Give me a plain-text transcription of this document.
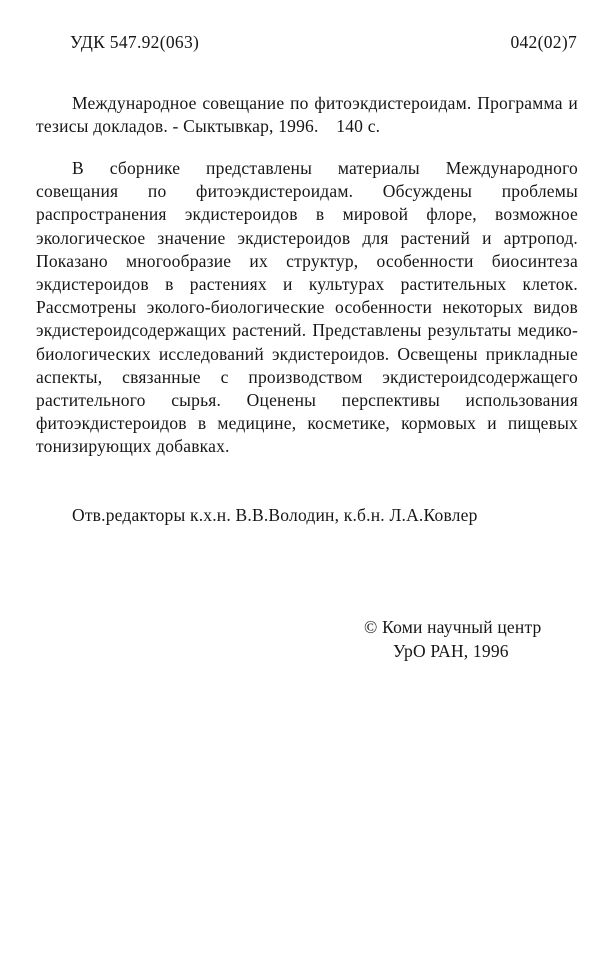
УДК 547.92(063)	042(02)7

Международное совещание по фитоэкдистероидам. Программа и тезисы докладов. - Сыктывкар, 1996. 140 с.

В сборнике представлены материалы Международного совещания по фитоэкдистероидам. Обсуждены проблемы распространения экдистероидов в мировой флоре, возможное экологическое значение экдистероидов для растений и артропод. Показано многообразие их структур, особенности биосинтеза экдистероидов в растениях и культурах растительных клеток. Рассмотрены эколого-биологические особенности некоторых видов экдистероидсодержащих растений. Представлены результаты медико-биологических исследований экдистероидов. Освещены прикладные аспекты, связанные с производством экдистероидсодержащего растительного сырья. Оценены перспективы использования фитоэкдистероидов в медицине, косметике, кормовых и пищевых тонизирующих добавках.

Отв.редакторы к.х.н. В.В.Володин, к.б.н. Л.А.Ковлер

© Коми научный центр
УрО РАН, 1996
